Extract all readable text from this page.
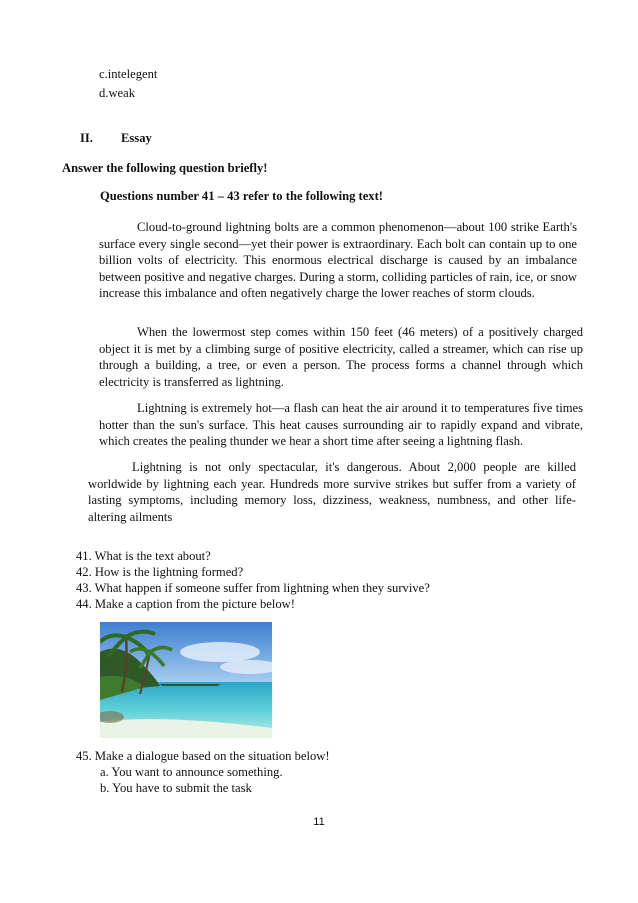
c.intelegent
d.weak
II. Essay
Answer the following question briefly!
Questions number 41 – 43 refer to the following text!
Cloud-to-ground lightning bolts are a common phenomenon—about 100 strike Earth's surface every single second—yet their power is extraordinary. Each bolt can contain up to one billion volts of electricity. This enormous electrical discharge is caused by an imbalance between positive and negative charges. During a storm, colliding particles of rain, ice, or snow increase this imbalance and often negatively charge the lower reaches of storm clouds.
When the lowermost step comes within 150 feet (46 meters) of a positively charged object it is met by a climbing surge of positive electricity, called a streamer, which can rise up through a building, a tree, or even a person. The process forms a channel through which electricity is transferred as lightning.
Lightning is extremely hot—a flash can heat the air around it to temperatures five times hotter than the sun's surface. This heat causes surrounding air to rapidly expand and vibrate, which creates the pealing thunder we hear a short time after seeing a lightning flash.
Lightning is not only spectacular, it's dangerous. About 2,000 people are killed worldwide by lightning each year. Hundreds more survive strikes but suffer from a variety of lasting symptoms, including memory loss, dizziness, weakness, numbness, and other life-altering ailments
41. What is the text about?
42. How is the lightning formed?
43. What happen if someone suffer from lightning when they survive?
44. Make a caption from the picture below!
45. Make a dialogue based on the situation below!
a. You want to announce something.
b. You have to submit the task
11
